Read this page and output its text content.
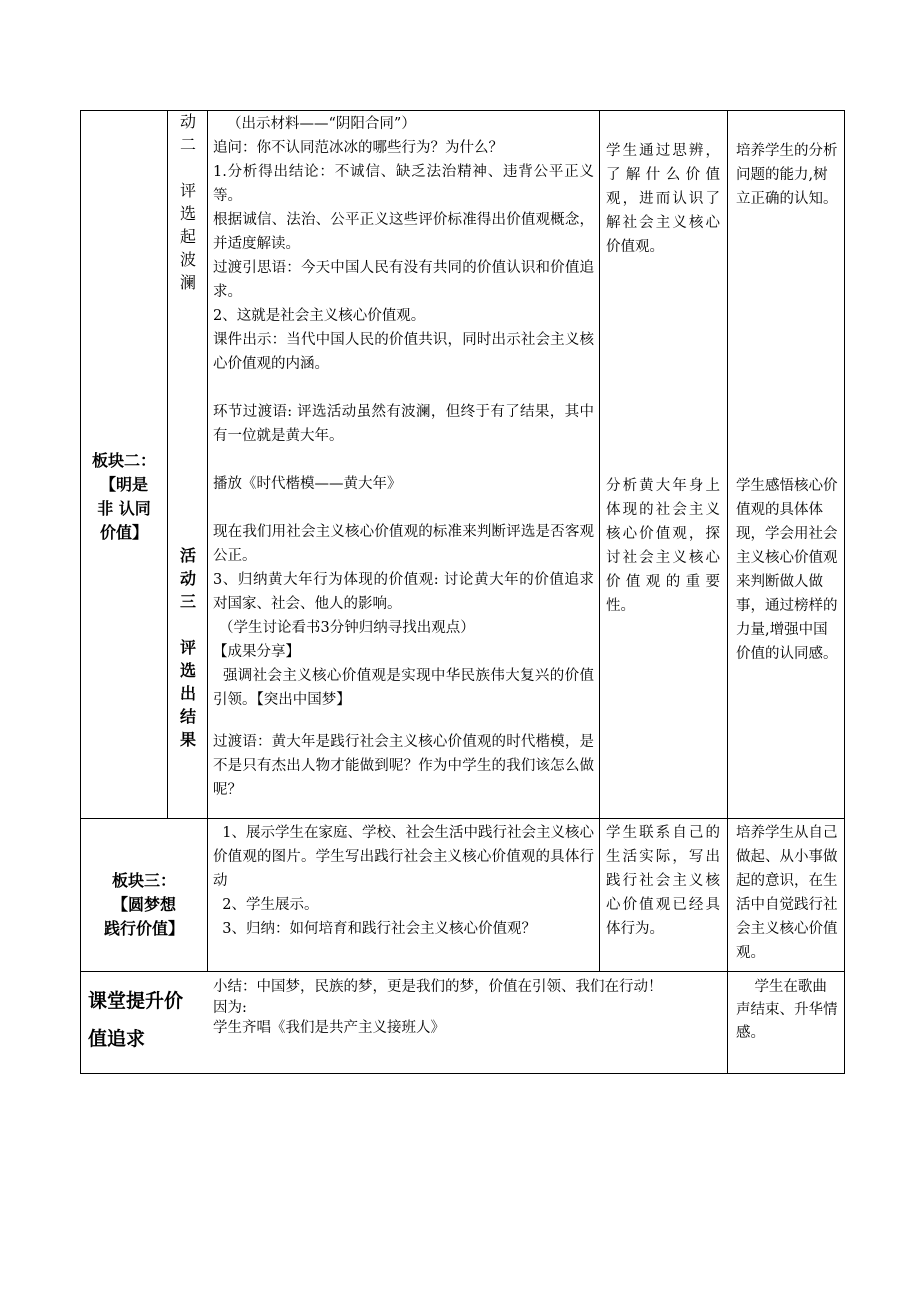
板块二：
【明是
非 认同
价值】
动
二
评
选
起
波
澜
活
动
三
评
选
出
结
果

（出示材料——“阴阳合同”）

追问：你不认同范冰冰的哪些行为？为什么？

1.分析得出结论：不诚信、缺乏法治精神、违背公平正义等。

根据诚信、法治、公平正义这些评价标准得出价值观概念，并适度解读。

过渡引思语：今天中国人民有没有共同的价值认识和价值追求。

2、这就是社会主义核心价值观。

课件出示：当代中国人民的价值共识，同时出示社会主义核心价值观的内涵。

环节过渡语: 评选活动虽然有波澜，但终于有了结果，其中有一位就是黄大年。

播放《时代楷模——黄大年》

现在我们用社会主义核心价值观的标准来判断评选是否客观公正。

3、归纳黄大年行为体现的价值观: 讨论黄大年的价值追求对国家、社会、他人的影响。

（学生讨论看书3分钟归纳寻找出观点）

【成果分享】

强调社会主义核心价值观是实现中华民族伟大复兴的价值引领。【突出中国梦】

过渡语：黄大年是践行社会主义核心价值观的时代楷模，是不是只有杰出人物才能做到呢？作为中学生的我们该怎么做呢？

学生通过思辨，了解什么价值观，进而认识了解社会主义核心价值观。
分析黄大年身上体现的社会主义核心价值观，探讨社会主义核心价值观的重要性。
培养学生的分析问题的能力,树立正确的认知。
学生感悟核心价值观的具体体现，学会用社会主义核心价值观来判断做人做事，通过榜样的力量,增强中国价值的认同感。
板块三：
【圆梦想
践行价值】

1、展示学生在家庭、学校、社会生活中践行社会主义核心价值观的图片。学生写出践行社会主义核心价值观的具体行动

2、学生展示。

3、归纳：如何培育和践行社会主义核心价值观？

学生联系自己的生活实际，写出践行社会主义核心价值观已经具体行为。
培养学生从自己做起、从小事做起的意识，在生活中自觉践行社会主义核心价值观。
课堂提升价
值追求

小结：中国梦，民族的梦，更是我们的梦，价值在引领、我们在行动！

因为:

学生齐唱《我们是共产主义接班人》

学生在歌曲声结束、升华情感。
